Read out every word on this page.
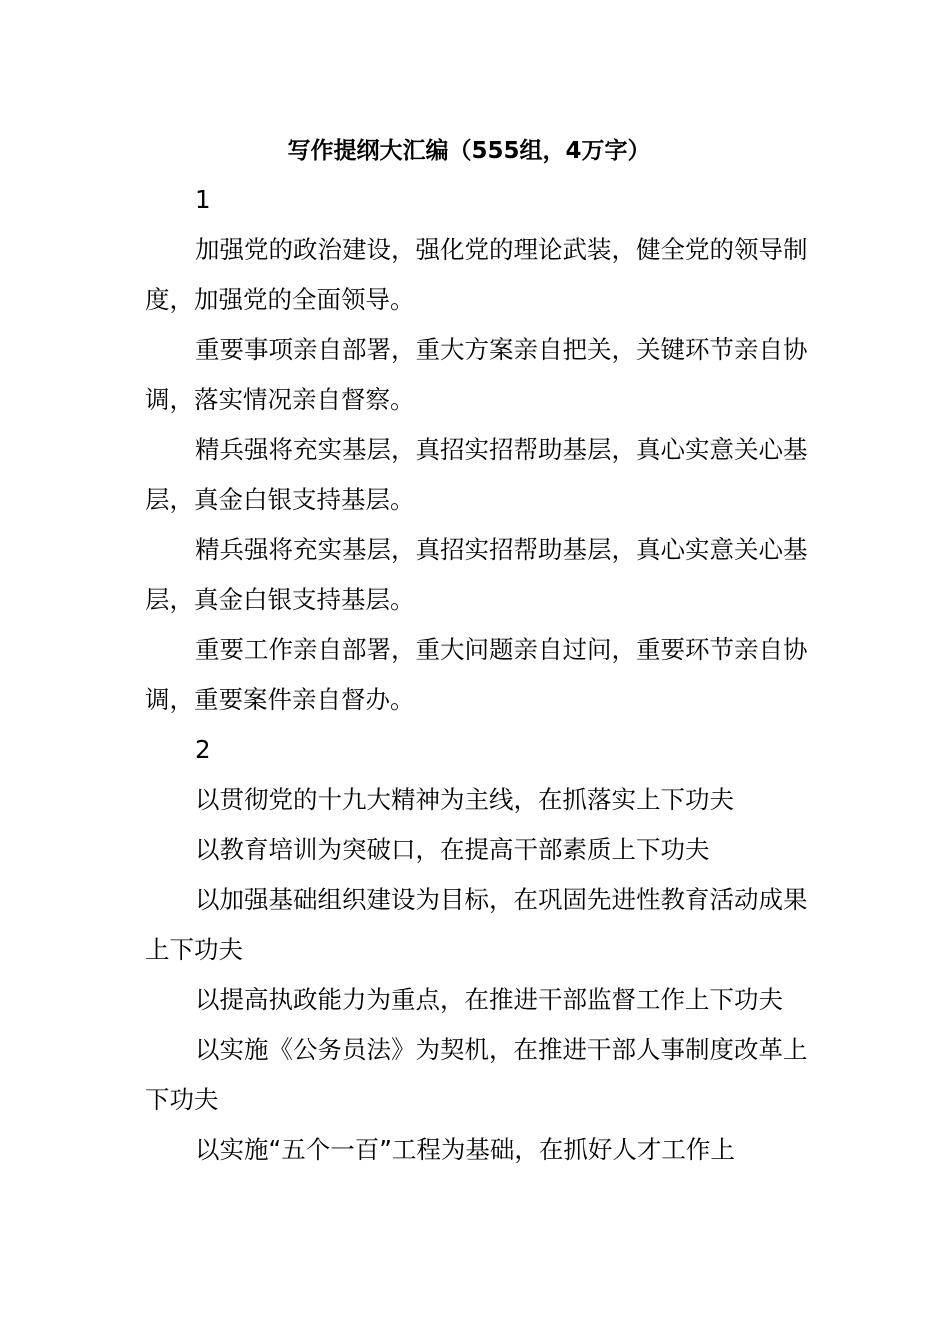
写作提纲大汇编（555组，4万字）

1

加强党的政治建设，强化党的理论武装，健全党的领导制度，加强党的全面领导。

重要事项亲自部署，重大方案亲自把关，关键环节亲自协调，落实情况亲自督察。

精兵强将充实基层，真招实招帮助基层，真心实意关心基层，真金白银支持基层。

精兵强将充实基层，真招实招帮助基层，真心实意关心基层，真金白银支持基层。

重要工作亲自部署，重大问题亲自过问，重要环节亲自协调，重要案件亲自督办。

2

以贯彻党的十九大精神为主线，在抓落实上下功夫

以教育培训为突破口，在提高干部素质上下功夫

以加强基础组织建设为目标，在巩固先进性教育活动成果上下功夫

以提高执政能力为重点，在推进干部监督工作上下功夫

以实施《公务员法》为契机，在推进干部人事制度改革上下功夫

以实施“五个一百”工程为基础，在抓好人才工作上
